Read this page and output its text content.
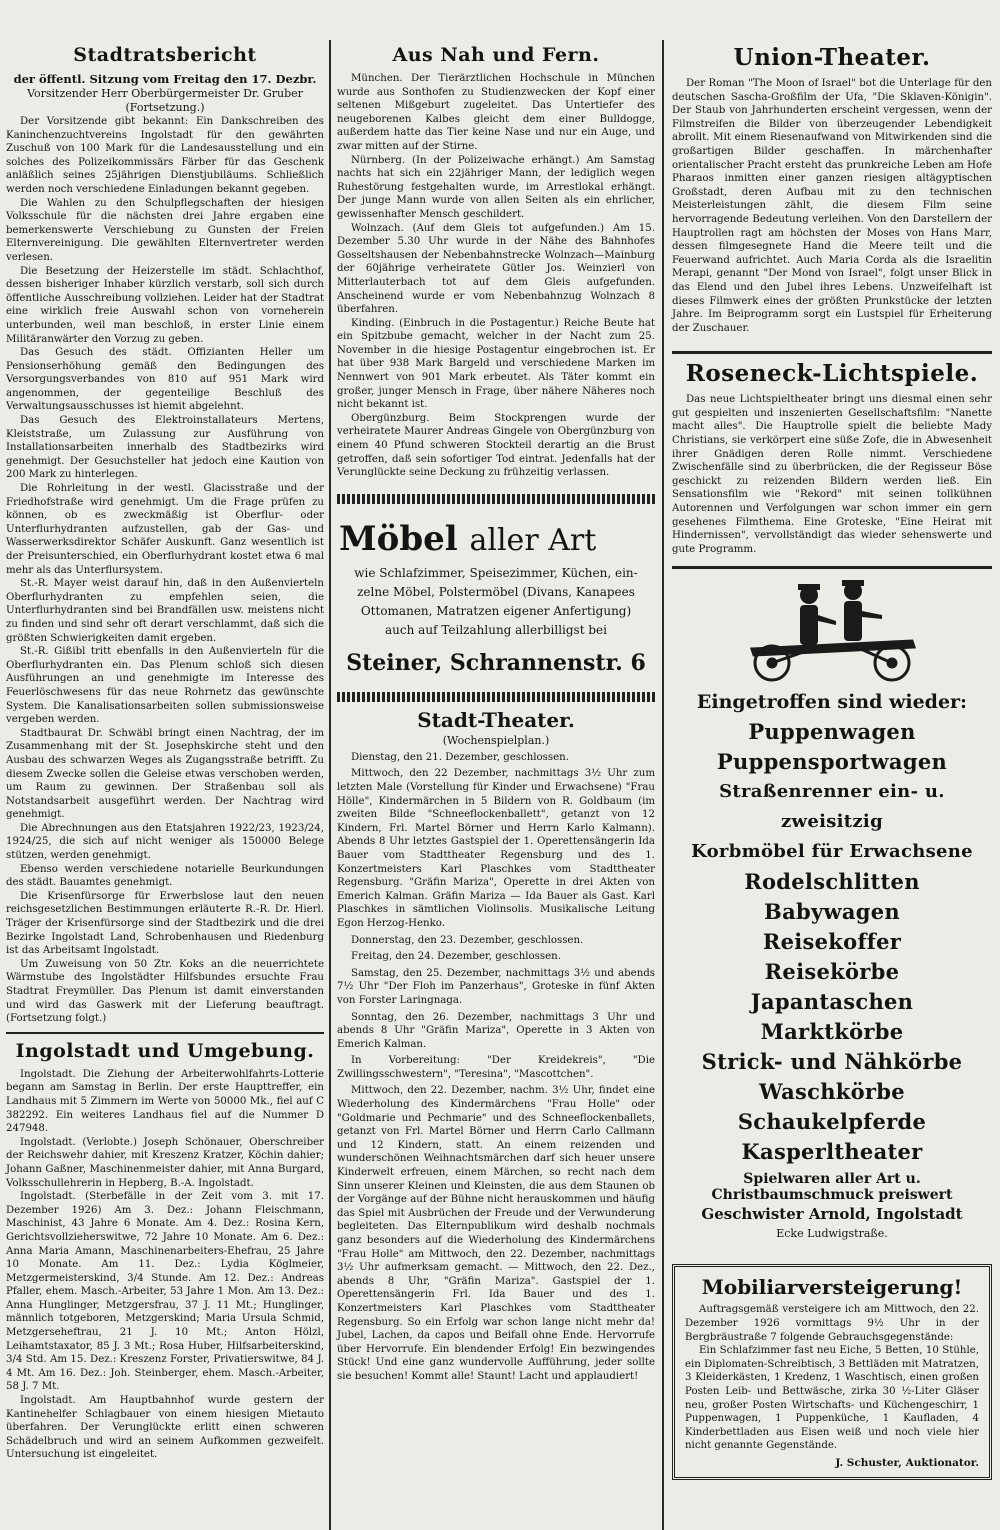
Stadtratsbericht
der öffentl. Sitzung vom Freitag den 17. Dezbr.
Vorsitzender Herr Oberbürgermeister Dr. Gruber
(Fortsetzung.)

Der Vorsitzende gibt bekannt: Ein Dankschreiben des Kaninchenzuchtvereins Ingolstadt für den gewährten Zuschuß von 100 Mark für die Landesausstellung und ein solches des Polizeikommissärs Färber für das Geschenk anläßlich seines 25jährigen Dienstjubiläums. Schließlich werden noch verschiedene Einladungen bekannt gegeben.

Die Wahlen zu den Schulpflegschaften der hiesigen Volksschule für die nächsten drei Jahre ergaben eine bemerkenswerte Verschiebung zu Gunsten der Freien Elternvereinigung. Die gewählten Elternvertreter werden verlesen.

Die Besetzung der Heizerstelle im städt. Schlachthof, dessen bisheriger Inhaber kürzlich verstarb, soll sich durch öffentliche Ausschreibung vollziehen. Leider hat der Stadtrat eine wirklich freie Auswahl schon von vorneherein unterbunden, weil man beschloß, in erster Linie einem Militäranwärter den Vorzug zu geben.

Das Gesuch des städt. Offizianten Heller um Pensionserhöhung gemäß den Bedingungen des Versorgungsverbandes von 810 auf 951 Mark wird angenommen, der gegenteilige Beschluß des Verwaltungsausschusses ist hiemit abgelehnt.

Das Gesuch des Elektroinstallateurs Mertens, Kleiststraße, um Zulassung zur Ausführung von Installationsarbeiten innerhalb des Stadtbezirks wird genehmigt. Der Gesuchsteller hat jedoch eine Kaution von 200 Mark zu hinterlegen.

Die Rohrleitung in der westl. Glacisstraße und der Friedhofstraße wird genehmigt. Um die Frage prüfen zu können, ob es zweckmäßig ist Oberflur- oder Unterflurhydranten aufzustellen, gab der Gas- und Wasserwerksdirektor Schäfer Auskunft. Ganz wesentlich ist der Preisunterschied, ein Oberflurhydrant kostet etwa 6 mal mehr als das Unterflursystem.

St.-R. Mayer weist darauf hin, daß in den Außenvierteln Oberflurhydranten zu empfehlen seien, die Unterflurhydranten sind bei Brandfällen usw. meistens nicht zu finden und sind sehr oft derart verschlammt, daß sich die größten Schwierigkeiten damit ergeben.

St.-R. Gißibl tritt ebenfalls in den Außenvierteln für die Oberflurhydranten ein. Das Plenum schloß sich diesen Ausführungen an und genehmigte im Interesse des Feuerlöschwesens für das neue Rohrnetz das gewünschte System. Die Kanalisationsarbeiten sollen submissionsweise vergeben werden.

Stadtbaurat Dr. Schwäbl bringt einen Nachtrag, der im Zusammenhang mit der St. Josephskirche steht und den Ausbau des schwarzen Weges als Zugangsstraße betrifft. Zu diesem Zwecke sollen die Geleise etwas verschoben werden, um Raum zu gewinnen. Der Straßenbau soll als Notstandsarbeit ausgeführt werden. Der Nachtrag wird genehmigt.

Die Abrechnungen aus den Etatsjahren 1922/23, 1923/24, 1924/25, die sich auf nicht weniger als 150000 Belege stützen, werden genehmigt.

Ebenso werden verschiedene notarielle Beurkundungen des städt. Bauamtes genehmigt.

Die Krisenfürsorge für Erwerbslose laut den neuen reichsgesetzlichen Bestimmungen erläuterte R.-R. Dr. Hierl. Träger der Krisenfürsorge sind der Stadtbezirk und die drei Bezirke Ingolstadt Land, Schrobenhausen und Riedenburg ist das Arbeitsamt Ingolstadt.

Um Zuweisung von 50 Ztr. Koks an die neuerrichtete Wärmstube des Ingolstädter Hilfsbundes ersuchte Frau Stadtrat Freymüller. Das Plenum ist damit einverstanden und wird das Gaswerk mit der Lieferung beauftragt. (Fortsetzung folgt.)

Ingolstadt und Umgebung.

Ingolstadt. Die Ziehung der Arbeiterwohlfahrts-Lotterie begann am Samstag in Berlin. Der erste Haupttreffer, ein Landhaus mit 5 Zimmern im Werte von 50000 Mk., fiel auf C 382292. Ein weiteres Landhaus fiel auf die Nummer D 247948.

Ingolstadt. (Verlobte.) Joseph Schönauer, Oberschreiber der Reichswehr dahier, mit Kreszenz Kratzer, Köchin dahier; Johann Gaßner, Maschinenmeister dahier, mit Anna Burgard, Volksschullehrerin in Hepberg, B.-A. Ingolstadt.

Ingolstadt. (Sterbefälle in der Zeit vom 3. mit 17. Dezember 1926) Am 3. Dez.: Johann Fleischmann, Maschinist, 43 Jahre 6 Monate. Am 4. Dez.: Rosina Kern, Gerichtsvollzieherswitwe, 72 Jahre 10 Monate. Am 6. Dez.: Anna Maria Amann, Maschinenarbeiters-Ehefrau, 25 Jahre 10 Monate. Am 11. Dez.: Lydia Köglmeier, Metzgermeisterskind, 3/4 Stunde. Am 12. Dez.: Andreas Pfaller, ehem. Masch.-Arbeiter, 53 Jahre 1 Mon. Am 13. Dez.: Anna Hunglinger, Metzgersfrau, 37 J. 11 Mt.; Hunglinger, männlich totgeboren, Metzgerskind; Maria Ursula Schmid, Metzgerseheftrau, 21 J. 10 Mt.; Anton Hölzl, Leihamtstaxator, 85 J. 3 Mt.; Rosa Huber, Hilfsarbeiterskind, 3/4 Std. Am 15. Dez.: Kreszenz Forster, Privatierswitwe, 84 J. 4 Mt. Am 16. Dez.: Joh. Steinberger, ehem. Masch.-Arbeiter, 58 J. 7 Mt.

Ingolstadt. Am Hauptbahnhof wurde gestern der Kantinehelfer Schlagbauer von einem hiesigen Mietauto überfahren. Der Verunglückte erlitt einen schweren Schädelbruch und wird an seinem Aufkommen gezweifelt. Untersuchung ist eingeleitet.

Aus Nah und Fern.

München. Der Tierärztlichen Hochschule in München wurde aus Sonthofen zu Studienzwecken der Kopf einer seltenen Mißgeburt zugeleitet. Das Untertiefer des neugeborenen Kalbes gleicht dem einer Bulldogge, außerdem hatte das Tier keine Nase und nur ein Auge, und zwar mitten auf der Stirne.

Nürnberg. (In der Polizeiwache erhängt.) Am Samstag nachts hat sich ein 22jähriger Mann, der lediglich wegen Ruhestörung festgehalten wurde, im Arrestlokal erhängt. Der junge Mann wurde von allen Seiten als ein ehrlicher, gewissenhafter Mensch geschildert.

Wolnzach. (Auf dem Gleis tot aufgefunden.) Am 15. Dezember 5.30 Uhr wurde in der Nähe des Bahnhofes Gosseltshausen der Nebenbahnstrecke Wolnzach—Mainburg der 60jährige verheiratete Gütler Jos. Weinzierl von Mitterlauterbach tot auf dem Gleis aufgefunden. Anscheinend wurde er vom Nebenbahnzug Wolnzach 8 überfahren.

Kinding. (Einbruch in die Postagentur.) Reiche Beute hat ein Spitzbube gemacht, welcher in der Nacht zum 25. November in die hiesige Postagentur eingebrochen ist. Er hat über 938 Mark Bargeld und verschiedene Marken im Nennwert von 901 Mark erbeutet. Als Täter kommt ein großer, junger Mensch in Frage, über nähere Näheres noch nicht bekannt ist.

Obergünzburg. Beim Stockprengen wurde der verheiratete Maurer Andreas Gingele von Obergünzburg von einem 40 Pfund schweren Stockteil derartig an die Brust getroffen, daß sein sofortiger Tod eintrat. Jedenfalls hat der Verunglückte seine Deckung zu frühzeitig verlassen.

Möbel aller Art
wie Schlafzimmer, Speisezimmer, Küchen, ein-
zelne Möbel, Polstermöbel (Divans, Kanapees
Ottomanen, Matratzen eigener Anfertigung)
auch auf Teilzahlung allerbilligst bei
Steiner, Schrannenstr. 6
Stadt-Theater.
(Wochenspielplan.)

Dienstag, den 21. Dezember, geschlossen.

Mittwoch, den 22 Dezember, nachmittags 3½ Uhr zum letzten Male (Vorstellung für Kinder und Erwachsene) "Frau Hölle", Kindermärchen in 5 Bildern von R. Goldbaum (im zweiten Bilde "Schneeflockenballett", getanzt von 12 Kindern, Frl. Martel Börner und Herrn Karlo Kalmann). Abends 8 Uhr letztes Gastspiel der 1. Operettensängerin Ida Bauer vom Stadttheater Regensburg und des 1. Konzertmeisters Karl Plaschkes vom Stadttheater Regensburg. "Gräfin Mariza", Operette in drei Akten von Emerich Kalman. Gräfin Mariza — Ida Bauer als Gast. Karl Plaschkes in sämtlichen Violinsolis. Musikalische Leitung Egon Herzog-Henko.

Donnerstag, den 23. Dezember, geschlossen.

Freitag, den 24. Dezember, geschlossen.

Samstag, den 25. Dezember, nachmittags 3½ und abends 7½ Uhr "Der Floh im Panzerhaus", Groteske in fünf Akten von Forster Laringnaga.

Sonntag, den 26. Dezember, nachmittags 3 Uhr und abends 8 Uhr "Gräfin Mariza", Operette in 3 Akten von Emerich Kalman.

In Vorbereitung: "Der Kreidekreis", "Die Zwillingsschwestern", "Teresina", "Mascottchen".

Mittwoch, den 22. Dezember, nachm. 3½ Uhr, findet eine Wiederholung des Kindermärchens "Frau Holle" oder "Goldmarie und Pechmarie" und des Schneeflockenballets, getanzt von Frl. Martel Börner und Herrn Carlo Callmann und 12 Kindern, statt. An einem reizenden und wunderschönen Weihnachtsmärchen darf sich heuer unsere Kinderwelt erfreuen, einem Märchen, so recht nach dem Sinn unserer Kleinen und Kleinsten, die aus dem Staunen ob der Vorgänge auf der Bühne nicht herauskommen und häufig das Spiel mit Ausbrüchen der Freude und der Verwunderung begleiteten. Das Elternpublikum wird deshalb nochmals ganz besonders auf die Wiederholung des Kindermärchens "Frau Holle" am Mittwoch, den 22. Dezember, nachmittags 3½ Uhr aufmerksam gemacht. — Mittwoch, den 22. Dez., abends 8 Uhr, "Gräfin Mariza". Gastspiel der 1. Operettensängerin Frl. Ida Bauer und des 1. Konzertmeisters Karl Plaschkes vom Stadttheater Regensburg. So ein Erfolg war schon lange nicht mehr da! Jubel, Lachen, da capos und Beifall ohne Ende. Hervorrufe über Hervorrufe. Ein blendender Erfolg! Ein bezwingendes Stück! Und eine ganz wundervolle Aufführung, jeder sollte sie besuchen! Kommt alle! Staunt! Lacht und applaudiert!

Union-Theater.

Der Roman "The Moon of Israel" bot die Unterlage für den deutschen Sascha-Großfilm der Ufa, "Die Sklaven-Königin". Der Staub von Jahrhunderten erscheint vergessen, wenn der Filmstreifen die Bilder von überzeugender Lebendigkeit abrollt. Mit einem Riesenaufwand von Mitwirkenden sind die großartigen Bilder geschaffen. In märchenhafter orientalischer Pracht ersteht das prunkreiche Leben am Hofe Pharaos inmitten einer ganzen riesigen altägyptischen Großstadt, deren Aufbau mit zu den technischen Meisterleistungen zählt, die diesem Film seine hervorragende Bedeutung verleihen. Von den Darstellern der Hauptrollen ragt am höchsten der Moses von Hans Marr, dessen filmgesegnete Hand die Meere teilt und die Feuerwand aufrichtet. Auch Maria Corda als die Israelitin Merapi, genannt "Der Mond von Israel", folgt unser Blick in das Elend und den Jubel ihres Lebens. Unzweifelhaft ist dieses Filmwerk eines der größten Prunkstücke der letzten Jahre. Im Beiprogramm sorgt ein Lustspiel für Erheiterung der Zuschauer.

Roseneck-Lichtspiele.

Das neue Lichtspieltheater bringt uns diesmal einen sehr gut gespielten und inszenierten Gesellschaftsfilm: "Nanette macht alles". Die Hauptrolle spielt die beliebte Mady Christians, sie verkörpert eine süße Zofe, die in Abwesenheit ihrer Gnädigen deren Rolle nimmt. Verschiedene Zwischenfälle sind zu überbrücken, die der Regisseur Böse geschickt zu reizenden Bildern werden ließ. Ein Sensationsfilm wie "Rekord" mit seinen tollkühnen Autorennen und Verfolgungen war schon immer ein gern gesehenes Filmthema. Eine Groteske, "Eine Heirat mit Hindernissen", vervollständigt das wieder sehenswerte und gute Programm.

Eingetroffen sind wieder:
Puppenwagen
Puppensportwagen
Straßenrenner ein- u. zweisitzig
Korbmöbel für Erwachsene
Rodelschlitten
Babywagen
Reisekoffer
Reisekörbe
Japantaschen
Marktkörbe
Strick- und Nähkörbe
Waschkörbe
Schaukelpferde
Kasperltheater
Spielwaren aller Art u. Christbaumschmuck preiswert
Geschwister Arnold, Ingolstadt
Ecke Ludwigstraße.
Mobiliarversteigerung!

Auftragsgemäß versteigere ich am Mittwoch, den 22. Dezember 1926 vormittags 9½ Uhr in der Bergbräustraße 7 folgende Gebrauchsgegenstände:

Ein Schlafzimmer fast neu Eiche, 5 Betten, 10 Stühle, ein Diplomaten-Schreibtisch, 3 Bettläden mit Matratzen, 3 Kleiderkästen, 1 Kredenz, 1 Waschtisch, einen großen Posten Leib- und Bettwäsche, zirka 30 ½-Liter Gläser neu, großer Posten Wirtschafts- und Küchengeschirr, 1 Puppenwagen, 1 Puppenküche, 1 Kaufladen, 4 Kinderbettladen aus Eisen weiß und noch viele hier nicht genannte Gegenstände.

J. Schuster, Auktionator.
